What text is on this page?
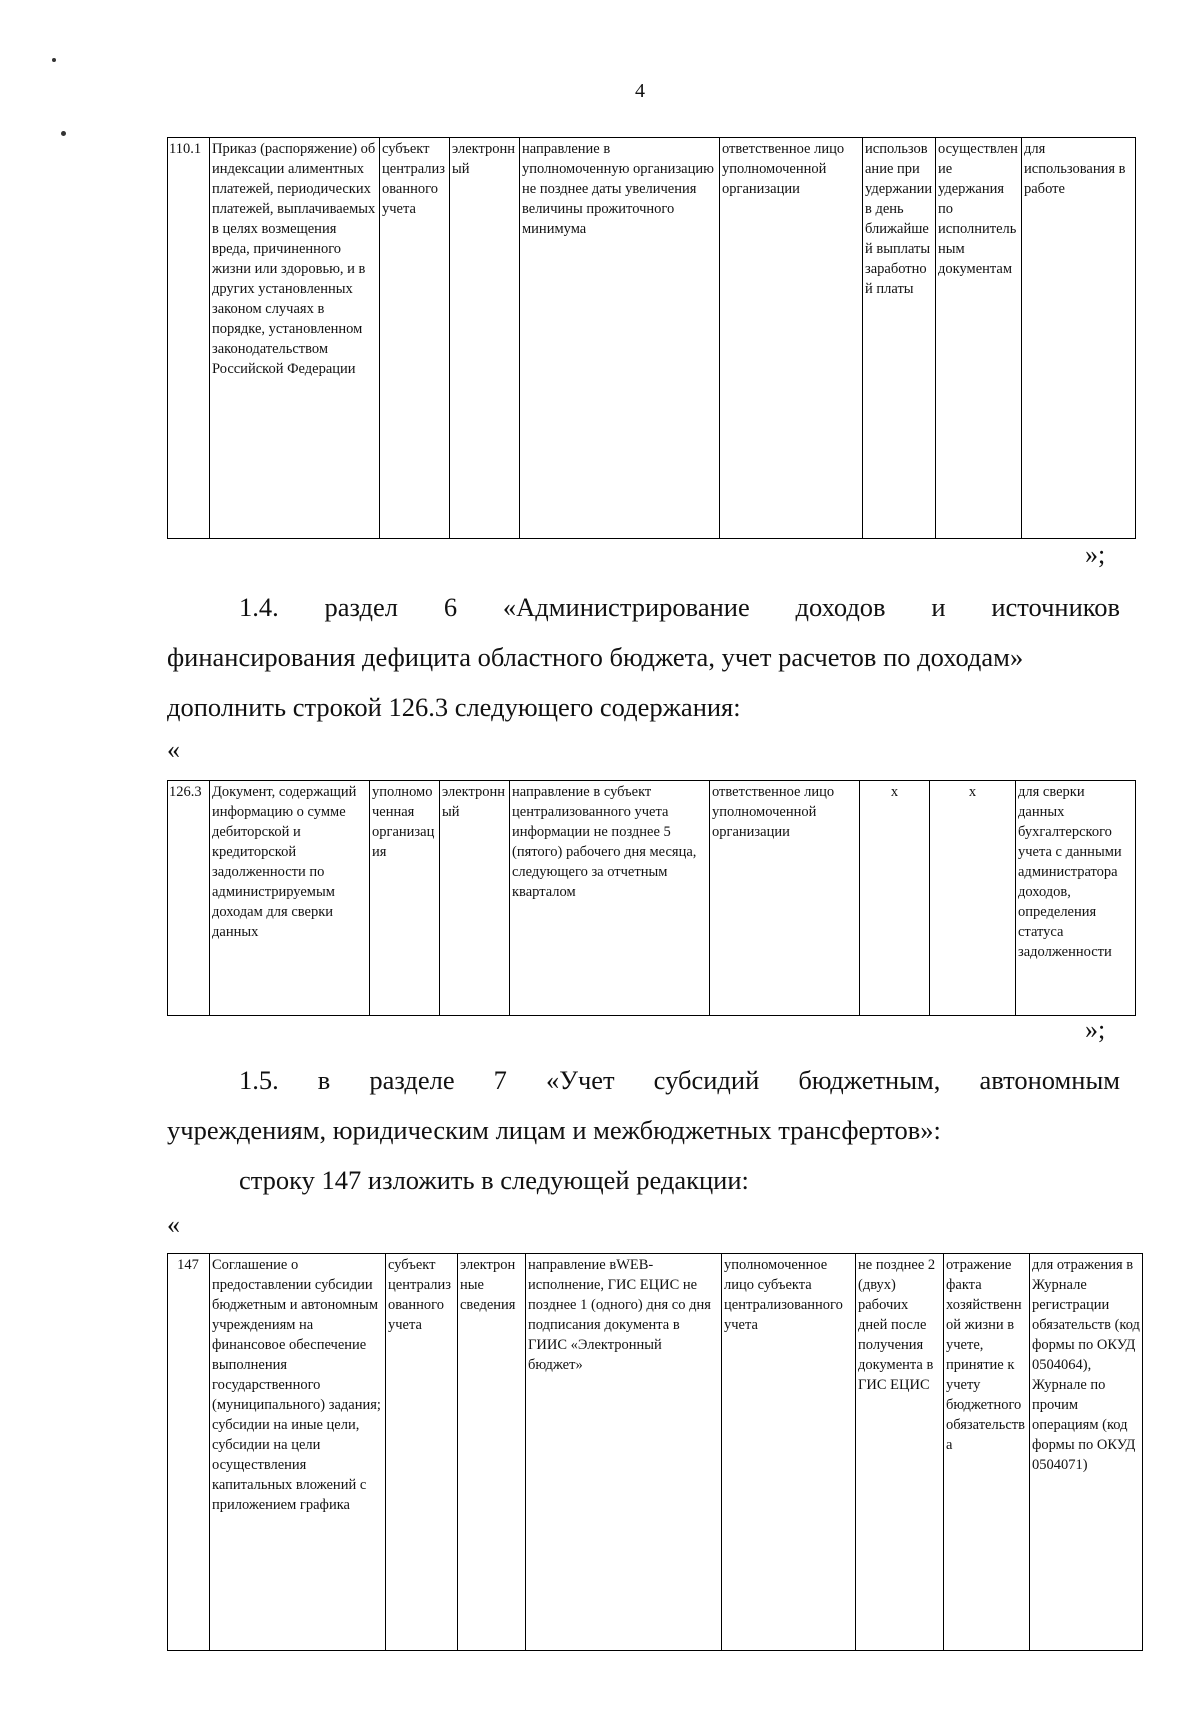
4
110.1	Приказ (распоряжение) об индексации алиментных платежей, периодических платежей, выплачиваемых в целях возмещения вреда, причиненного жизни или здоровью, и в других установленных законом случаях в порядке, установленном законодательством Российской Федерации	субъект централизованного учета	электронный	направление в уполномоченную организацию не позднее даты увеличения величины прожиточного минимума	ответственное лицо уполномоченной организации	использование при удержании в день ближайшей выплаты заработной платы	осуществление удержания по исполнительным документам	для использования в работе
»;
1.4. раздел 6 «Администрирование доходов и источников
финансирования дефицита областного бюджета, учет расчетов по доходам»
дополнить строкой 126.3 следующего содержания:
«
126.3	Документ, содержащий информацию о сумме дебиторской и кредиторской задолженности по администрируемым доходам для сверки данных	уполномоченная организация	электронный	направление в субъект централизованного учета информации не позднее 5 (пятого) рабочего дня месяца, следующего за отчетным кварталом	ответственное лицо уполномоченной организации	x	x	для сверки данных бухгалтерского учета с данными администратора доходов, определения статуса задолженности
»;
1.5. в разделе 7 «Учет субсидий бюджетным, автономным
учреждениям, юридическим лицам и межбюджетных трансфертов»:
строку 147 изложить в следующей редакции:
«
147	Соглашение о предоставлении субсидии бюджетным и автономным учреждениям на финансовое обеспечение выполнения государственного (муниципального) задания; субсидии на иные цели, субсидии на цели осуществления капитальных вложений с приложением графика	субъект централизованного учета	электронные сведения	направление вWEB-исполнение, ГИС ЕЦИС не позднее 1 (одного) дня со дня подписания документа в ГИИС «Электронный бюджет»	уполномоченное лицо субъекта централизованного учета	не позднее 2 (двух) рабочих дней после получения документа в ГИС ЕЦИС	отражение факта хозяйственной жизни в учете, принятие к учету бюджетного обязательства	для отражения в Журнале регистрации обязательств (код формы по ОКУД 0504064), Журнале по прочим операциям (код формы по ОКУД 0504071)
